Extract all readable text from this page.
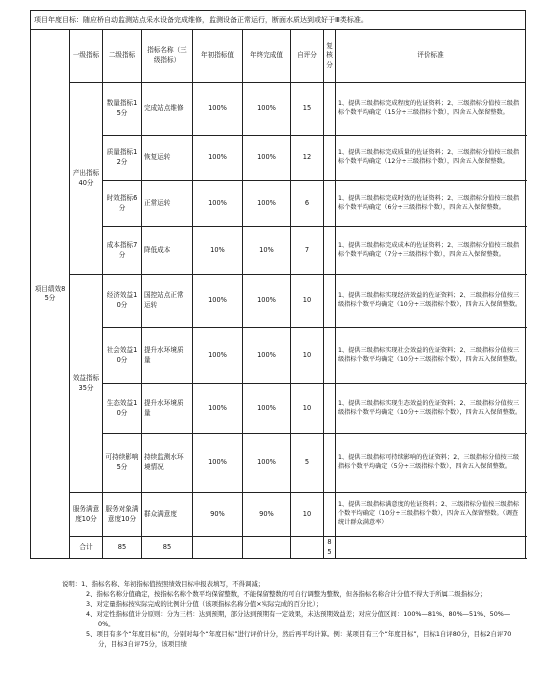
项目年度目标：随应桥自动监测站点采水设备完成维修，监测设备正常运行，断面水质达到或好于Ⅲ类标准。								
项目绩效85分	一级指标	二级指标	指标名称（三级指标）	年初指标值	年终完成值	自评分	复核分	评价标准
	产出指标40分	数量指标15分	完成站点维修	100%	100%	15		1、提供三级指标完成程度的佐证资料；2、三级指标分值按三级指标个数平均确定（15分÷三级指标个数），四舍五入保留整数。
		质量指标12分	恢复运转	100%	100%	12		1、提供三级指标完成质量的佐证资料；2、三级指标分值按三级指标个数平均确定（12分÷三级指标个数），四舍五入保留整数。
		时效指标6分	正常运转	100%	100%	6		1、提供三级指标完成时效的佐证资料；2、三级指标分值按三级指标个数平均确定（6分÷三级指标个数），四舍五入保留整数。
		成本指标7分	降低成本	10%	10%	7		1、提供三级指标完成成本的佐证资料；2、三级指标分值按三级指标个数平均确定（7分÷三级指标个数），四舍五入保留整数。
	效益指标35分	经济效益10分	国控站点正常运转	100%	100%	10		1、提供三级指标实现经济效益的佐证资料；2、三级指标分值按三级指标个数平均确定（10分÷三级指标个数），四舍五入保留整数。
		社会效益10分	提升水环境质量	100%	100%	10		1、提供三级指标实现社会效益的佐证资料；2、三级指标分值按三级指标个数平均确定（10分÷三级指标个数），四舍五入保留整数。
		生态效益10分	提升水环境质量	100%	100%	10		1、提供三级指标实现生态效益的佐证资料；2、三级指标分值按三级指标个数平均确定（10分÷三级指标个数），四舍五入保留整数。
		可持续影响5分	持续监测水环境情况	100%	100%	5		1、提供三级指标可持续影响的佐证资料；2、三级指标分值按三级指标个数平均确定（5分÷三级指标个数），四舍五入保留整数。
	服务满意度10分	服务对象满意度10分	群众满意度	90%	90%	10		1、提供三级指标满意度的佐证资料；2、三级指标分值按三级指标个数平均确定（10分÷三级指标个数），四舍五入保留整数。（调查统计群众满意率）
	合计	85	85				85	

说明：1、指标名称、年初指标值按照绩效目标申报表填写，不得调减；

2、指标名称分值确定，按指标名称个数平均保留整数，不能保留整数的可自行调整为整数，但各指标名称合计分值不得大于所属二级指标分；

3、对定量指标按实际完成的比例计分值（该项指标名称分值×实际完成的百分比）；

4、对定性指标值计分原则：分为三档：达到预期，部分达到预期有一定效果，未达预期效益差；对应分值区间：100%—81%、80%—51%、50%—0%。

5、项目有多个“年度目标”的，分别对每个“年度目标”进行评价计分，然后再平均计算。例：某项目有三个“年度目标”，目标1自评80分，目标2自评70分，目标3自评75分，该项目绩
